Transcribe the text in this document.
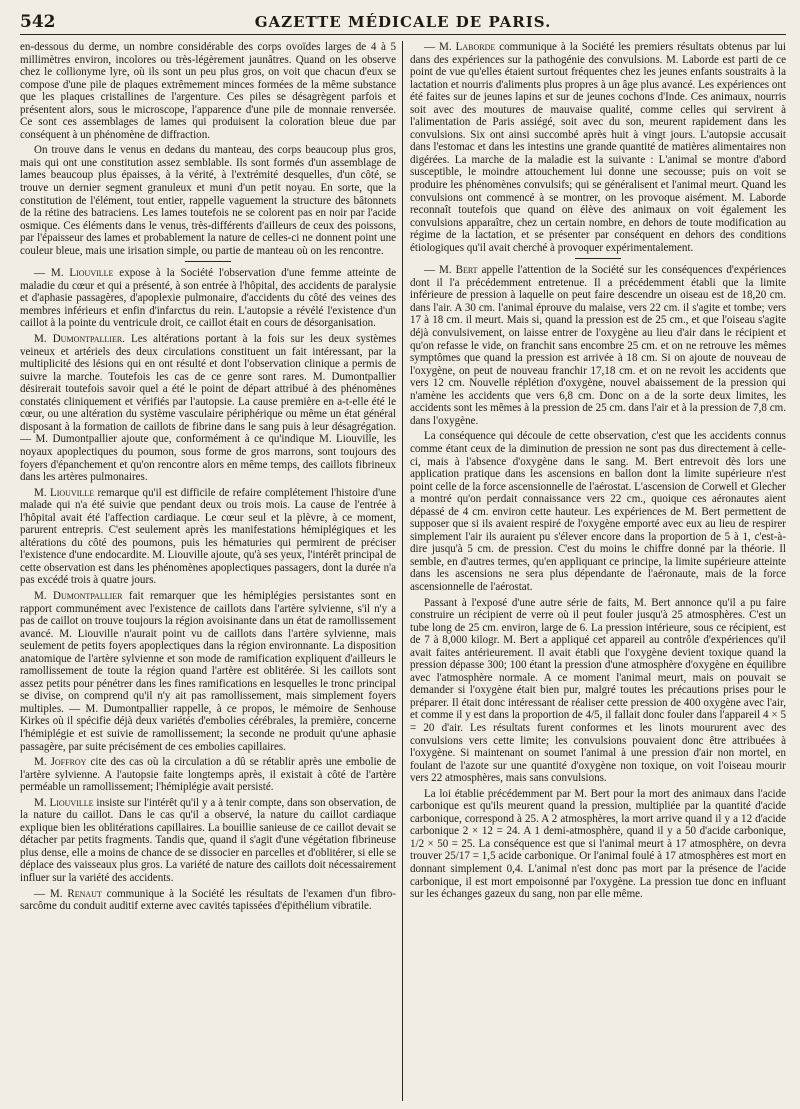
542	GAZETTE MÉDICALE DE PARIS.

en-dessous du derme, un nombre considérable des corps ovoïdes larges de 4 à 5 millimètres environ, incolores ou très-légèrement jaunâtres. Quand on les observe chez le collionyme lyre, où ils sont un peu plus gros, on voit que chacun d'eux se compose d'une pile de plaques extrêmement minces formées de la même substance que les plaques cristallines de l'argenture. Ces piles se désagrègent parfois et présentent alors, sous le microscope, l'apparence d'une pile de monnaie renversée. Ce sont ces assemblages de lames qui produisent la coloration bleue due par conséquent à un phénomène de diffraction.

On trouve dans le venus en dedans du manteau, des corps beaucoup plus gros, mais qui ont une constitution assez semblable. Ils sont formés d'un assemblage de lames beaucoup plus épaisses, à la vérité, à l'extrémité desquelles, d'un côté, se trouve un dernier segment granuleux et muni d'un petit noyau. En sorte, que la constitution de l'élément, tout entier, rappelle vaguement la structure des bâtonnets de la rétine des batraciens. Les lames toutefois ne se colorent pas en noir par l'acide osmique. Ces éléments dans le venus, très-différents d'ailleurs de ceux des poissons, par l'épaisseur des lames et probablement la nature de celles-ci ne donnent point une couleur bleue, mais une irisation simple, ou partie de manteau où on les rencontre.

— M. Liouville expose à la Société l'observation d'une femme atteinte de maladie du cœur et qui a présenté, à son entrée à l'hôpital, des accidents de paralysie et d'aphasie passagères, d'apoplexie pulmonaire, d'accidents du côté des veines des membres inférieurs et enfin d'infarctus du rein. L'autopsie a révélé l'existence d'un caillot à la pointe du ventricule droit, ce caillot était en cours de désorganisation.

M. Dumontpallier. Les altérations portant à la fois sur les deux systèmes veineux et artériels des deux circulations constituent un fait intéressant, par la multiplicité des lésions qui en ont résulté et dont l'observation clinique a permis de suivre la marche. Toutefois les cas de ce genre sont rares. M. Dumontpallier désirerait toutefois savoir quel a été le point de départ attribué à des phénomènes constatés cliniquement et vérifiés par l'autopsie. La cause première en a-t-elle été le cœur, ou une altération du système vasculaire périphérique ou même un état général disposant à la formation de caillots de fibrine dans le sang puis à leur désagrégation. — M. Dumontpallier ajoute que, conformément à ce qu'indique M. Liouville, les noyaux apoplectiques du poumon, sous forme de gros marrons, sont toujours des foyers d'épanchement et qu'on rencontre alors en même temps, des caillots fibrineux dans les artères pulmonaires.

M. Liouville remarque qu'il est difficile de refaire complétement l'histoire d'une malade qui n'a été suivie que pendant deux ou trois mois. La cause de l'entrée à l'hôpital avait été l'affection cardiaque. Le cœur seul et la plèvre, à ce moment, parurent entrepris. C'est seulement après les manifestations hémiplégiques et les altérations du côté des poumons, puis les hématuries qui permirent de préciser l'existence d'une endocardite. M. Liouville ajoute, qu'à ses yeux, l'intérêt principal de cette observation est dans les phénomènes apoplectiques passagers, dont la durée n'a pas excédé trois à quatre jours.

M. Dumontpallier fait remarquer que les hémiplégies persistantes sont en rapport communément avec l'existence de caillots dans l'artère sylvienne, s'il n'y a pas de caillot on trouve toujours la région avoisinante dans un état de ramollissement avancé. M. Liouville n'aurait point vu de caillots dans l'artère sylvienne, mais seulement de petits foyers apoplectiques dans la région environnante. La disposition anatomique de l'artère sylvienne et son mode de ramification expliquent d'ailleurs le ramollissement de toute la région quand l'artère est oblitérée. Si les caillots sont assez petits pour pénétrer dans les fines ramifications en lesquelles le tronc principal se divise, on comprend qu'il n'y ait pas ramollissement, mais simplement foyers multiples. — M. Dumontpallier rappelle, à ce propos, le mémoire de Senhouse Kirkes où il spécifie déjà deux variétés d'embolies cérébrales, la première, concerne l'hémiplégie et est suivie de ramollissement; la seconde ne produit qu'une aphasie passagère, par suite précisément de ces embolies capillaires.

M. Joffroy cite des cas où la circulation a dû se rétablir après une embolie de l'artère sylvienne. A l'autopsie faite longtemps après, il existait à côté de l'artère perméable un ramollissement; l'hémiplégie avait persisté.

M. Liouville insiste sur l'intérêt qu'il y a à tenir compte, dans son observation, de la nature du caillot. Dans le cas qu'il a observé, la nature du caillot cardiaque explique bien les oblitérations capillaires. La bouillie sanieuse de ce caillot devait se détacher par petits fragments. Tandis que, quand il s'agit d'une végétation fibrineuse plus dense, elle a moins de chance de se dissocier en parcelles et d'oblitérer, si elle se déplace des vaisseaux plus gros. La variété de nature des caillots doit nécessairement influer sur la variété des accidents.

— M. Renaut communique à la Société les résultats de l'examen d'un fibro-sarcôme du conduit auditif externe avec cavités tapissées d'épithélium vibratile.

— M. Laborde communique à la Société les premiers résultats obtenus par lui dans des expériences sur la pathogénie des convulsions. M. Laborde est parti de ce point de vue qu'elles étaient surtout fréquentes chez les jeunes enfants soustraits à la lactation et nourris d'aliments plus propres à un âge plus avancé. Les expériences ont été faites sur de jeunes lapins et sur de jeunes cochons d'Inde. Ces animaux, nourris soit avec des moutures de mauvaise qualité, comme celles qui servirent à l'alimentation de Paris assiégé, soit avec du son, meurent rapidement dans les convulsions. Six ont ainsi succombé après huit à vingt jours. L'autopsie accusait dans l'estomac et dans les intestins une grande quantité de matières alimentaires non digérées. La marche de la maladie est la suivante : L'animal se montre d'abord susceptible, le moindre attouchement lui donne une secousse; puis on voit se produire les phénomènes convulsifs; qui se généralisent et l'animal meurt. Quand les convulsions ont commencé à se montrer, on les provoque aisément. M. Laborde reconnaît toutefois que quand on élève des animaux on voit également les convulsions apparaître, chez un certain nombre, en dehors de toute modification au régime de la lactation, et se présenter par conséquent en dehors des conditions étiologiques qu'il avait cherché à provoquer expérimentalement.

— M. Bert appelle l'attention de la Société sur les conséquences d'expériences dont il l'a précédemment entretenue. Il a précédemment établi que la limite inférieure de pression à laquelle on peut faire descendre un oiseau est de 18,20 cm. dans l'air. A 30 cm. l'animal éprouve du malaise, vers 22 cm. il s'agite et tombe; vers 17 à 18 cm. il meurt. Mais si, quand la pression est de 25 cm., et que l'oiseau s'agite déjà convulsivement, on laisse entrer de l'oxygène au lieu d'air dans le récipient et qu'on refasse le vide, on franchit sans encombre 25 cm. et on ne retrouve les mêmes symptômes que quand la pression est arrivée à 18 cm. Si on ajoute de nouveau de l'oxygène, on peut de nouveau franchir 17,18 cm. et on ne revoit les accidents que vers 12 cm. Nouvelle réplétion d'oxygène, nouvel abaissement de la pression qui n'amène les accidents que vers 6,8 cm. Donc on a de la sorte deux limites, les accidents sont les mêmes à la pression de 25 cm. dans l'air et à la pression de 7,8 cm. dans l'oxygène.

La conséquence qui découle de cette observation, c'est que les accidents connus comme étant ceux de la diminution de pression ne sont pas dus directement à celle-ci, mais à l'absence d'oxygène dans le sang. M. Bert entrevoit dès lors une application pratique dans les ascensions en ballon dont la limite supérieure n'est point celle de la force ascensionnelle de l'aérostat. L'ascension de Corwell et Glecher a montré qu'on perdait connaissance vers 22 cm., quoique ces aéronautes aient dépassé de 4 cm. environ cette hauteur. Les expériences de M. Bert permettent de supposer que si ils avaient respiré de l'oxygène emporté avec eux au lieu de respirer simplement l'air ils auraient pu s'élever encore dans la proportion de 5 à 1, c'est-à-dire jusqu'à 5 cm. de pression. C'est du moins le chiffre donné par la théorie. Il semble, en d'autres termes, qu'en appliquant ce principe, la limite supérieure atteinte dans les ascensions ne sera plus dépendante de l'aéronaute, mais de la force ascensionnelle de l'aérostat.

Passant à l'exposé d'une autre série de faits, M. Bert annonce qu'il a pu faire construire un récipient de verre où il peut fouler jusqu'à 25 atmosphères. C'est un tube long de 25 cm. environ, large de 6. La pression intérieure, sous ce récipient, est de 7 à 8,000 kilogr. M. Bert a appliqué cet appareil au contrôle d'expériences qu'il avait faites antérieurement. Il avait établi que l'oxygène devient toxique quand la pression dépasse 300; 100 étant la pression d'une atmosphère d'oxygène en équilibre avec l'atmosphère normale. A ce moment l'animal meurt, mais on pouvait se demander si l'oxygène était bien pur, malgré toutes les précautions prises pour le préparer. Il était donc intéressant de réaliser cette pression de 400 oxygène avec l'air, et comme il y est dans la proportion de 4/5, il fallait donc fouler dans l'appareil 4 × 5 = 20 d'air. Les résultats furent conformes et les linots moururent avec des convulsions vers cette limite; les convulsions pouvaient donc être attribuées à l'oxygène. Si maintenant on soumet l'animal à une pression d'air non mortel, en foulant de l'azote sur une quantité d'oxygène non toxique, on voit l'oiseau mourir vers 22 atmosphères, mais sans convulsions.

La loi établie précédemment par M. Bert pour la mort des animaux dans l'acide carbonique est qu'ils meurent quand la pression, multipliée par la quantité d'acide carbonique, correspond à 25. A 2 atmosphères, la mort arrive quand il y a 12 d'acide carbonique 2 × 12 = 24. A 1 demi-atmosphère, quand il y a 50 d'acide carbonique, 1/2 × 50 = 25. La conséquence est que si l'animal meurt à 17 atmosphère, on devra trouver 25/17 = 1,5 acide carbonique. Or l'animal foulé à 17 atmosphères est mort en donnant simplement 0,4. L'animal n'est donc pas mort par la présence de l'acide carbonique, il est mort empoisonné par l'oxygène. La pression tue donc en influant sur les échanges gazeux du sang, non par elle même.
